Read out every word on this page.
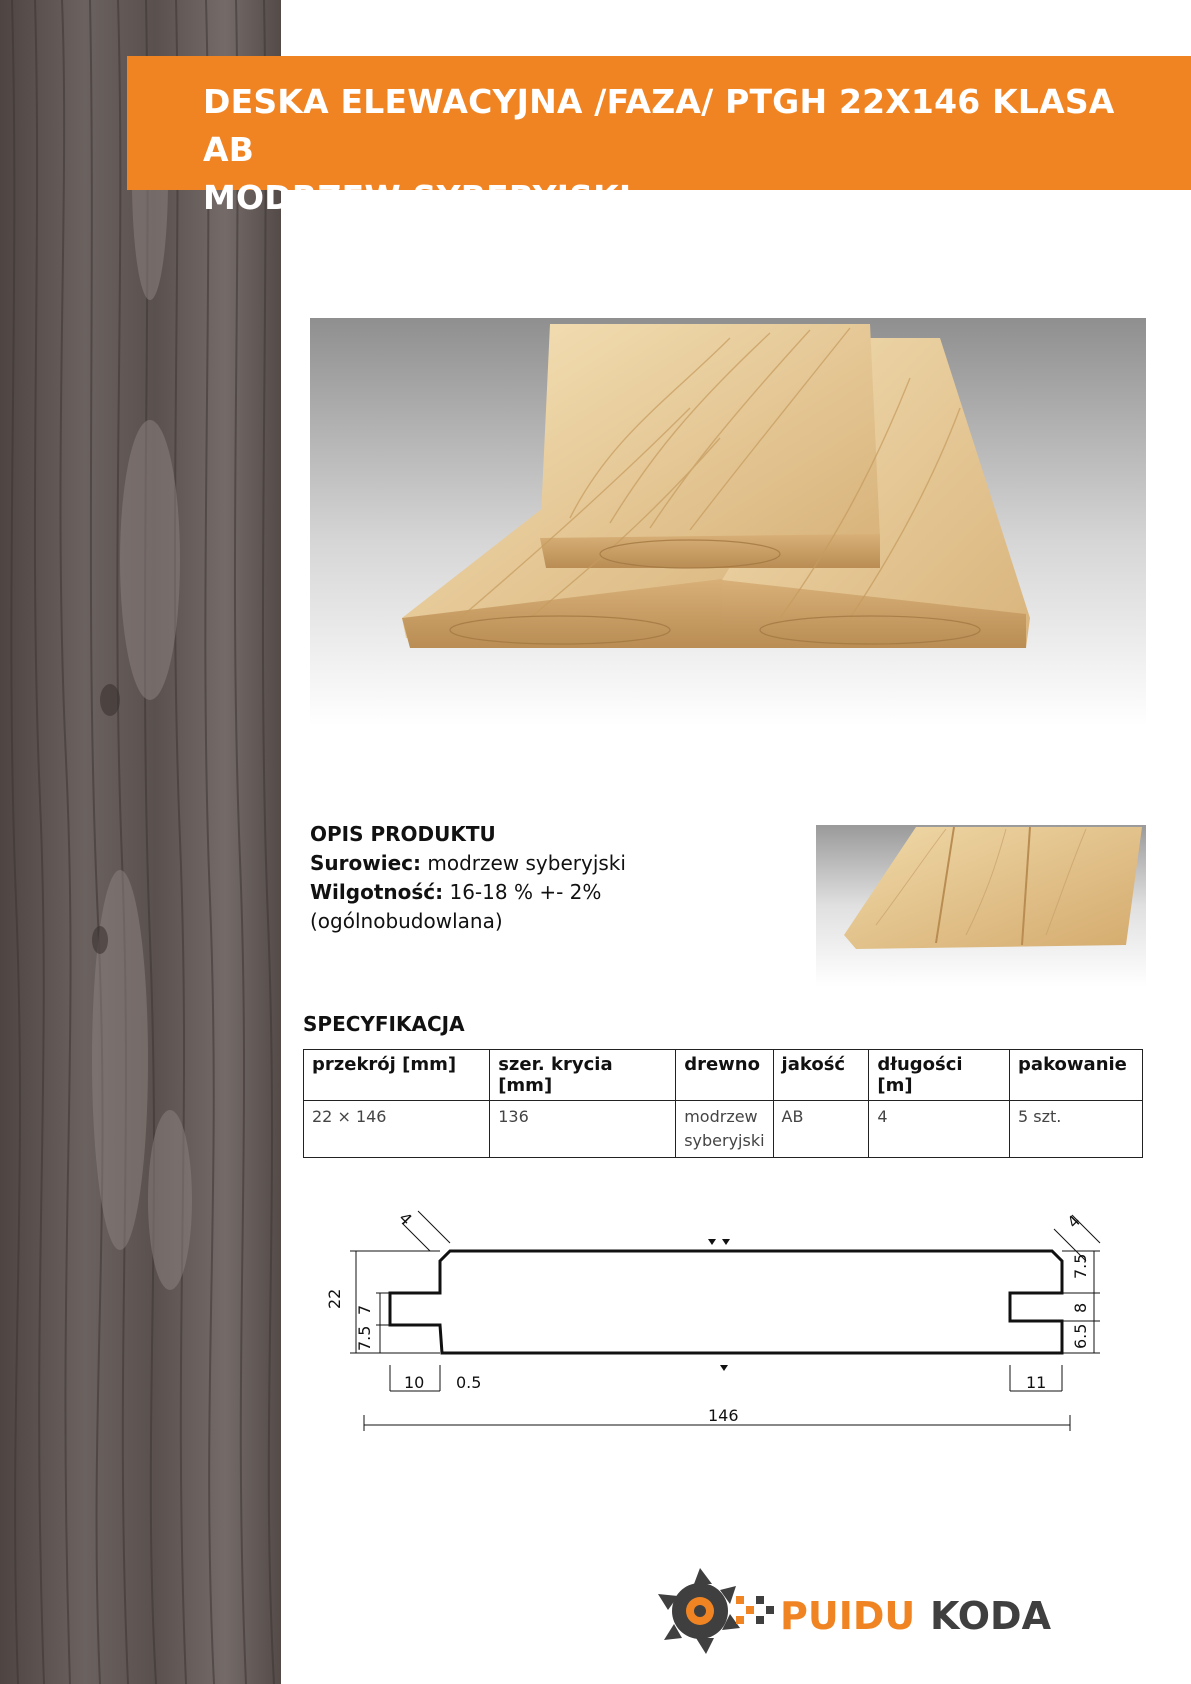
DESKA ELEWACYJNA /FAZA/ PTGH 22X146 KLASA AB
MODRZEW SYBERYJSKI
OPIS PRODUKTU
Surowiec: modrzew syberyjski
Wilgotność: 16-18 % +- 2% (ogólnobudowlana)
SPECYFIKACJA
przekrój [mm]	szer. krycia [mm]	drewno	jakość	długości [m]	pakowanie
22 × 146	136	modrzew syberyjski	AB	4	5 szt.
22
7
7.5
4	4
7.5
8
6.5
10 0.5	11
146
PUIDU KODA
